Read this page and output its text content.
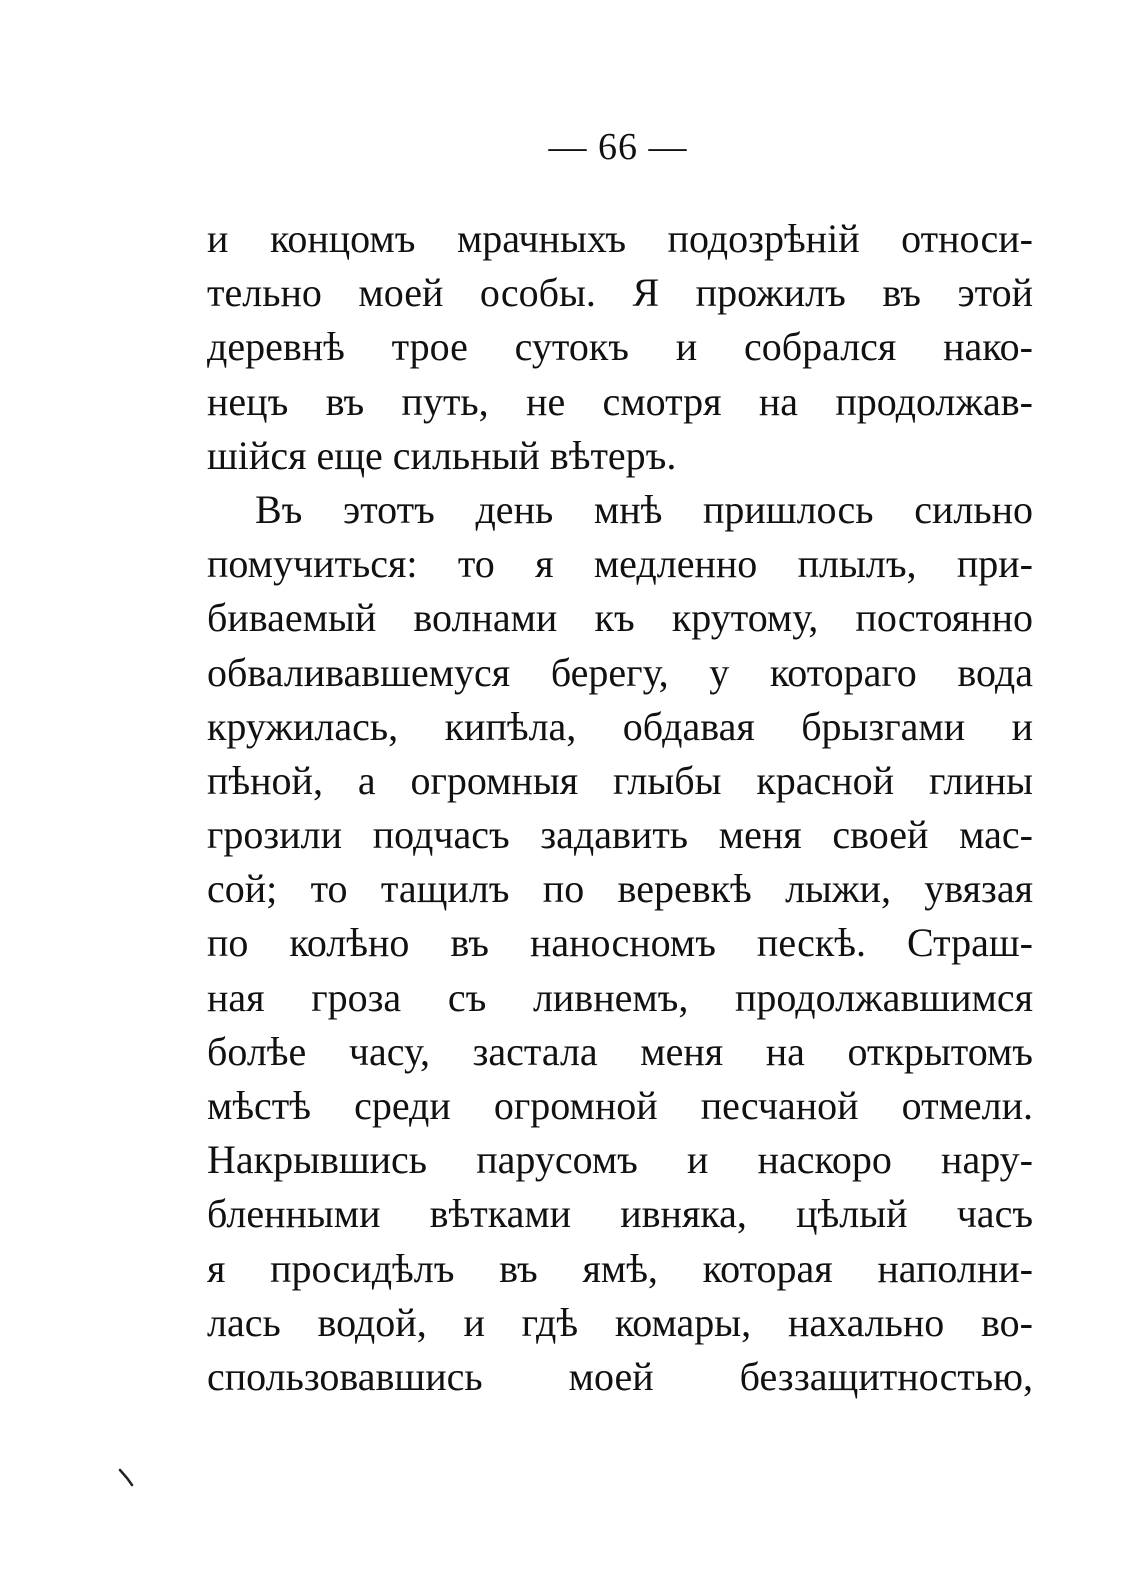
— 66 —
и концомъ мрачныхъ подозрѣній относи-
тельно моей особы. Я прожилъ въ этой
деревнѣ трое сутокъ и собрался нако-
нецъ въ путь, не смотря на продолжав-
шійся еще сильный вѣтеръ.
Въ этотъ день мнѣ пришлось сильно
помучиться: то я медленно плылъ, при-
биваемый волнами къ крутому, постоянно
обваливавшемуся берегу, у котораго вода
кружилась, кипѣла, обдавая брызгами и
пѣной, а огромныя глыбы красной глины
грозили подчасъ задавить меня своей мас-
сой; то тащилъ по веревкѣ лыжи, увязая
по колѣно въ наносномъ пескѣ. Страш-
ная гроза съ ливнемъ, продолжавшимся
болѣе часу, застала меня на открытомъ
мѣстѣ среди огромной песчаной отмели.
Накрывшись парусомъ и наскоро нару-
бленными вѣтками ивняка, цѣлый часъ
я просидѣлъ въ ямѣ, которая наполни-
лась водой, и гдѣ комары, нахально во-
спользовавшись моей беззащитностью,
